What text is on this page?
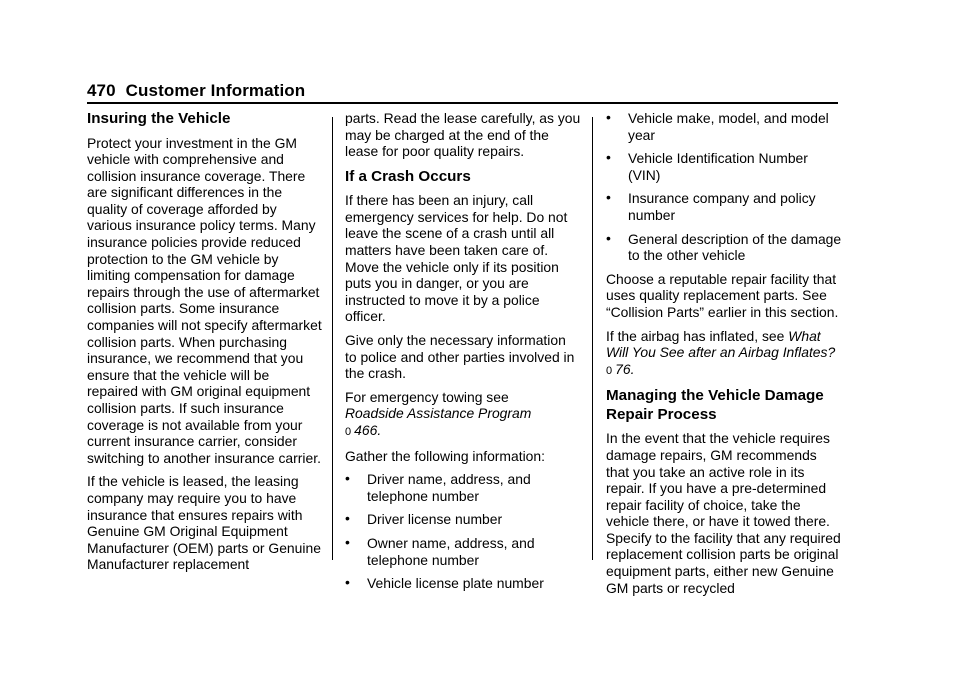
470 Customer Information
Insuring the Vehicle

Protect your investment in the GM vehicle with comprehensive and collision insurance coverage. There are significant differences in the quality of coverage afforded by various insurance policy terms. Many insurance policies provide reduced protection to the GM vehicle by limiting compensation for damage repairs through the use of aftermarket collision parts. Some insurance companies will not specify aftermarket collision parts. When purchasing insurance, we recommend that you ensure that the vehicle will be repaired with GM original equipment collision parts. If such insurance coverage is not available from your current insurance carrier, consider switching to another insurance carrier.

If the vehicle is leased, the leasing company may require you to have insurance that ensures repairs with Genuine GM Original Equipment Manufacturer (OEM) parts or Genuine Manufacturer replacement

parts. Read the lease carefully, as you may be charged at the end of the lease for poor quality repairs.

If a Crash Occurs

If there has been an injury, call emergency services for help. Do not leave the scene of a crash until all matters have been taken care of. Move the vehicle only if its position puts you in danger, or you are instructed to move it by a police officer.

Give only the necessary information to police and other parties involved in the crash.

For emergency towing see
Roadside Assistance Program
0 466.

Gather the following information:

• Driver name, address, and telephone number
• Driver license number
• Owner name, address, and telephone number
• Vehicle license plate number
• Vehicle make, model, and model year
• Vehicle Identification Number (VIN)
• Insurance company and policy number
• General description of the damage to the other vehicle

Choose a reputable repair facility that uses quality replacement parts. See “Collision Parts” earlier in this section.

If the airbag has inflated, see What Will You See after an Airbag Inflates? 0 76.

Managing the Vehicle Damage Repair Process

In the event that the vehicle requires damage repairs, GM recommends that you take an active role in its repair. If you have a pre-determined repair facility of choice, take the vehicle there, or have it towed there. Specify to the facility that any required replacement collision parts be original equipment parts, either new Genuine GM parts or recycled
